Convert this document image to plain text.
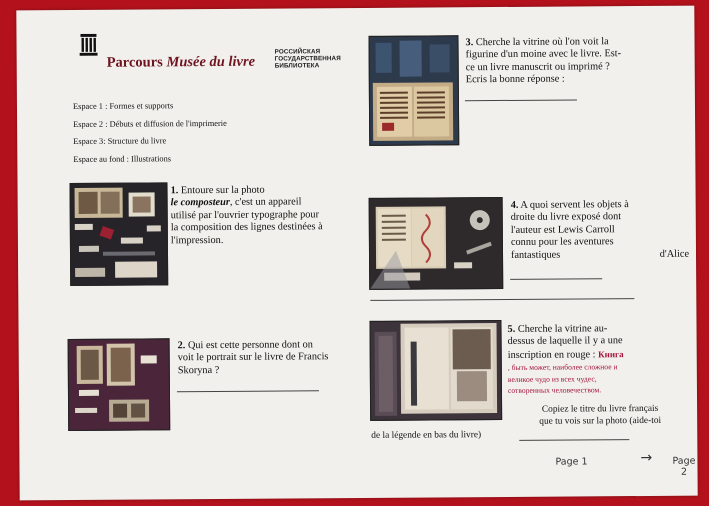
Parcours Musée du livre
РОССИЙСКАЯ
ГОСУДАРСТВЕННАЯ
БИБЛИОТЕКА
Espace 1 : Formes et supports
Espace 2 : Débuts et diffusion de l'imprimerie
Espace 3: Structure du livre
Espace au fond : Illustrations
1. Entoure sur la photo
le composteur, c'est un appareil
utilisé par l'ouvrier typographe pour
la composition des lignes destinées à
l'impression.
2. Qui est cette personne dont on
voit le portrait sur le livre de Francis
Skoryna ?
3. Cherche la vitrine où l'on voit la
figurine d'un moine avec le livre. Est-
ce un livre manuscrit ou imprimé ?
Ecris la bonne réponse :
4. A quoi servent les objets à
droite du livre exposé dont
l'auteur est Lewis Carroll
connu pour les aventures
fantastiques	d'Alice
5. Cherche la vitrine au-
dessus de laquelle il y a une
inscription en rouge : Книга
, быть может, наиболее сложное и
великое чудо из всех чудес,
сотворенных человечеством.
Copiez le titre du livre français
que tu vois sur la photo (aide-toi
de la légende en bas du livre)
Page 1	→ Page
2
